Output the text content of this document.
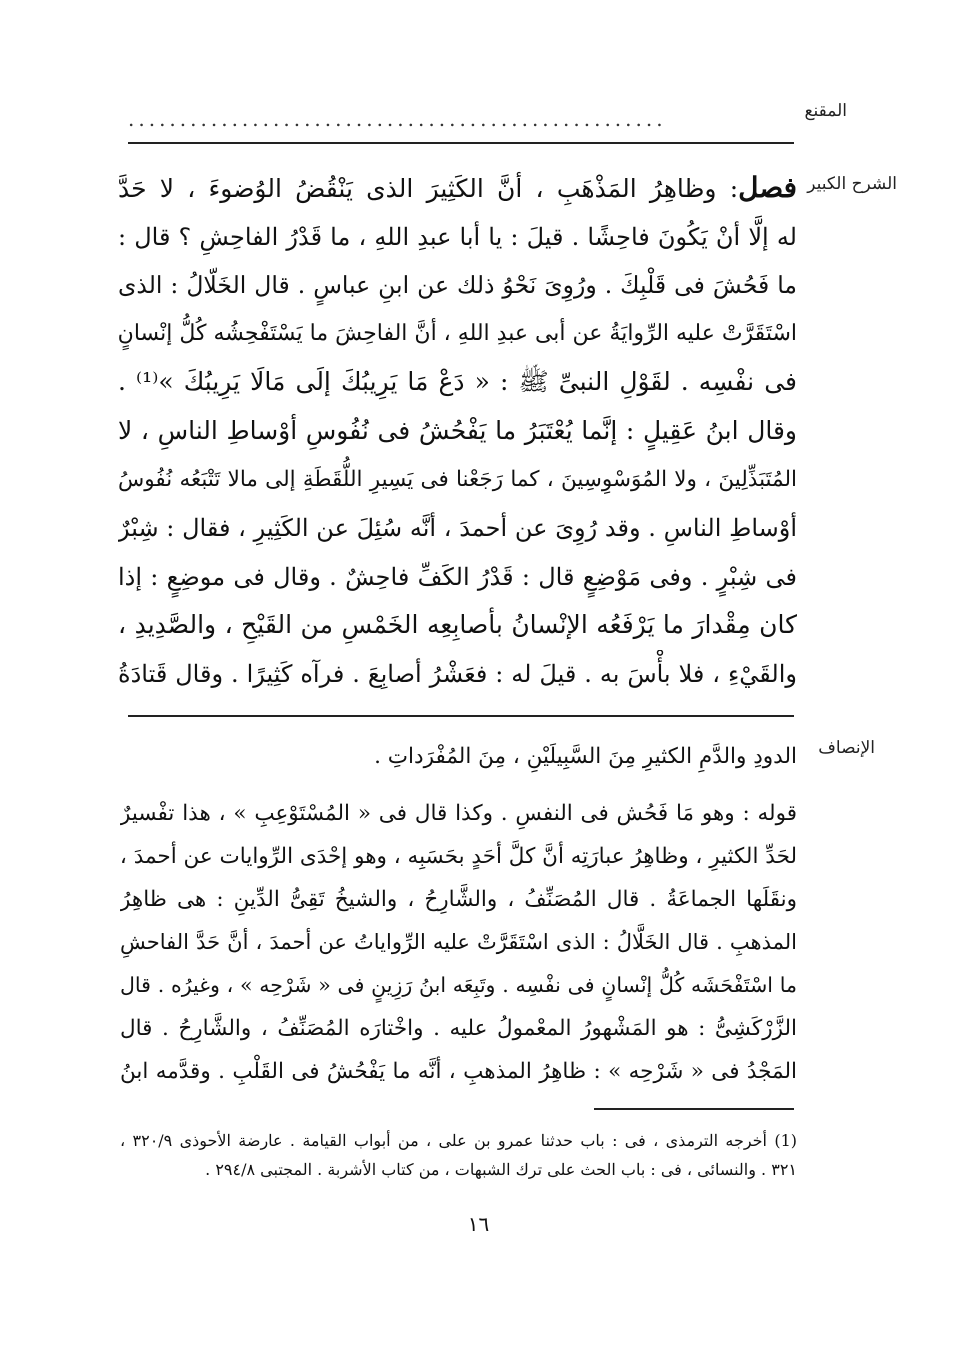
المقنع
....................................................
الشرح الكبير
فصل: وظاهِرُ المَذْهَبِ ، أنَّ الكَثِيرَ الذى يَنْقُضُ الوُضوءَ ، لا حَدَّ
له إلَّا أنْ يَكُونَ فاحِشًا . قيلَ : يا أبا عبدِ اللهِ ، ما قَدْرُ الفاحِشِ ؟ قال :
ما فَحُشَ فى قَلْبِكَ . ورُوِىَ نَحْوُ ذلك عن ابنِ عباسٍ . قال الخَلّالُ : الذى
اسْتَقَرَّتْ عليه الرِّوايَةُ عن أبى عبدِ اللهِ ، أنَّ الفاحِشَ ما يَسْتَفْحِشُه كُلُّ إنْسانٍ
فى نفْسِه . لقَوْلِ النبىِّ ﷺ : « دَعْ مَا يَرِيبُكَ إلَى مَالَا يَرِيبُكَ »⁽¹⁾ .
وقال ابنُ عَقِيلٍ : إنَّما يُعْتَبَرُ ما يَفْحُشُ فى نُفُوسِ أوْساطِ الناسِ ، لا
المُتَبَذِّلِينَ ، ولا المُوَسْوِسِينَ ، كما رَجَعْنا فى يَسِيرِ اللُّقَطَةِ إلى مالا تَتْبَعُه نُفُوسُ
أوْساطِ الناسِ . وقد رُوِىَ عن أحمدَ ، أنَّه سُئِلَ عن الكَثِيرِ ، فقال : شِبْرٌ
فى شِبْرٍ . وفى مَوْضِعٍ قال : قَدْرُ الكَفِّ فاحِشٌ . وقال فى موضِعٍ : إذا
كان مِقْدارَ ما يَرْفَعُه الإنْسانُ بأصابِعِه الخَمْسِ من القَيْحِ ، والصَّدِيدِ ،
والقَيْءِ ، فلا بأْسَ به . قيلَ له : فعَشْرُ أصابِعَ . فرآه كَثِيرًا . وقال قَتادَةُ
الإنصاف
الدودِ والدَّمِ الكثيرِ مِنَ السَّبِيلَيْنِ ، مِنَ المُفْرَداتِ .
قوله : وهو مَا فَحُش فى النفسِ . وكذا قال فى « المُسْتَوْعِبِ » ، هذا تفْسيرٌ
لحَدِّ الكثيرِ ، وظاهِرُ عبارَتِه أنَّ كلَّ أحَدٍ بحَسَبِه ، وهو إحْدَى الرِّوايات عن أحمدَ ،
ونقَلَها الجماعَةُ . قال المُصَنِّفُ ، والشَّارِحُ ، والشيخُ تَقِىُّ الدِّينِ : هى ظاهِرُ
المذهبِ . قال الخَلَّالُ : الذى اسْتَقَرَّتْ عليه الرِّواياتُ عن أحمدَ ، أنَّ حَدَّ الفاحشِ
ما اسْتَفْحَشَه كُلُّ إنْسانٍ فى نفْسِه . وتَبِعَه ابنُ رَزِينٍ فى « شَرْحِه » ، وغيرُه . قال
الزَّرْكَشِىُّ : هو المَشْهورُ المعْمولُ عليه . واخْتارَه المُصَنِّفُ ، والشَّارِحُ . قال
المَجْدُ فى « شَرْحِه » : ظاهِرُ المذهبِ ، أنَّه ما يَفْحُشُ فى القَلْبِ . وقدَّمه ابنُ
(1) أخرجه الترمذى ، فى : باب حدثنا عمرو بن على ، من أبواب القيامة . عارضة الأحوذى ٣٢٠/٩ ،
٣٢١ . والنسائى ، فى : باب الحث على ترك الشبهات ، من كتاب الأشربة . المجتبى ٢٩٤/٨ .
١٦
